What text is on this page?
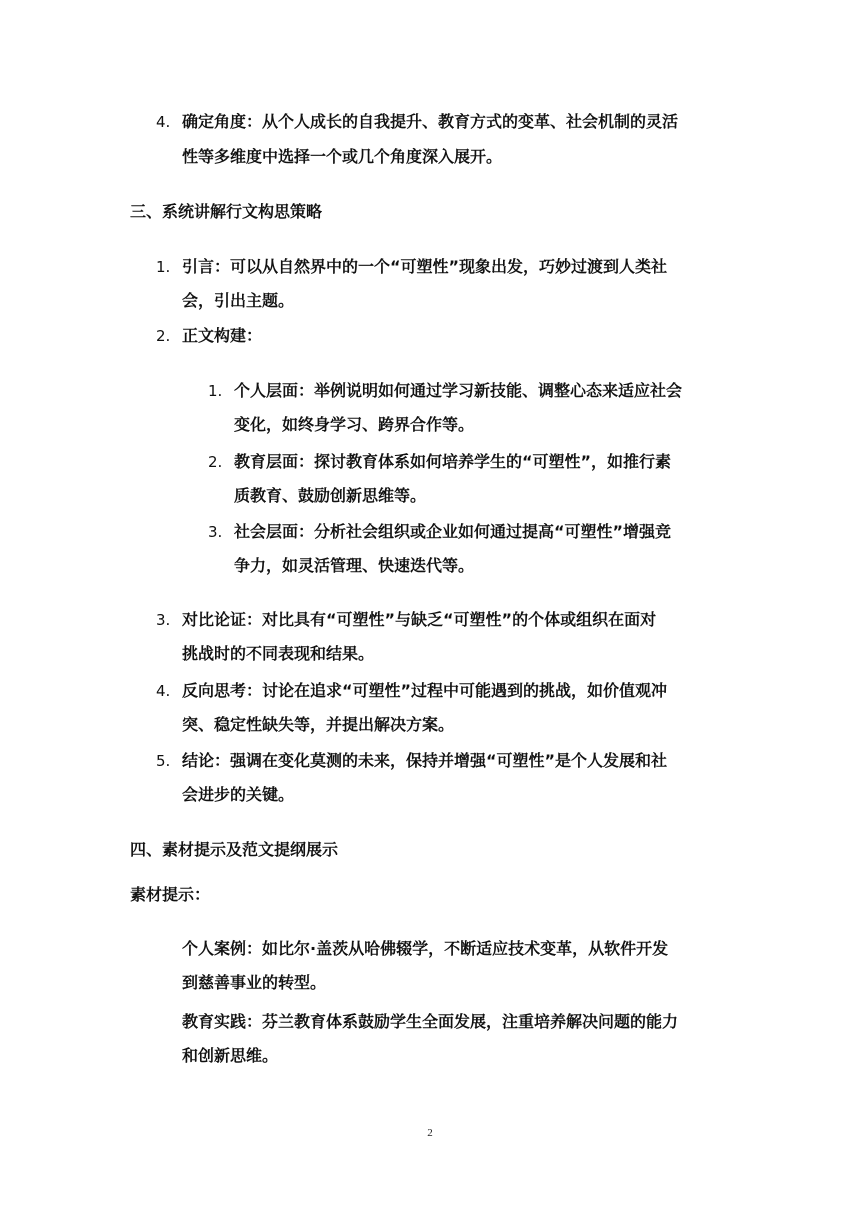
4. 确定角度：从个人成长的自我提升、教育方式的变革、社会机制的灵活
性等多维度中选择一个或几个角度深入展开。
三、系统讲解行文构思策略
1. 引言：可以从自然界中的一个“可塑性”现象出发，巧妙过渡到人类社
会，引出主题。
2. 正文构建：
1. 个人层面：举例说明如何通过学习新技能、调整心态来适应社会
变化，如终身学习、跨界合作等。
2. 教育层面：探讨教育体系如何培养学生的“可塑性”，如推行素
质教育、鼓励创新思维等。
3. 社会层面：分析社会组织或企业如何通过提高“可塑性”增强竞
争力，如灵活管理、快速迭代等。
3. 对比论证：对比具有“可塑性”与缺乏“可塑性”的个体或组织在面对
挑战时的不同表现和结果。
4. 反向思考：讨论在追求“可塑性”过程中可能遇到的挑战，如价值观冲
突、稳定性缺失等，并提出解决方案。
5. 结论：强调在变化莫测的未来，保持并增强“可塑性”是个人发展和社
会进步的关键。
四、素材提示及范文提纲展示
素材提示：
个人案例：如比尔·盖茨从哈佛辍学，不断适应技术变革，从软件开发
到慈善事业的转型。
教育实践：芬兰教育体系鼓励学生全面发展，注重培养解决问题的能力
和创新思维。
2
